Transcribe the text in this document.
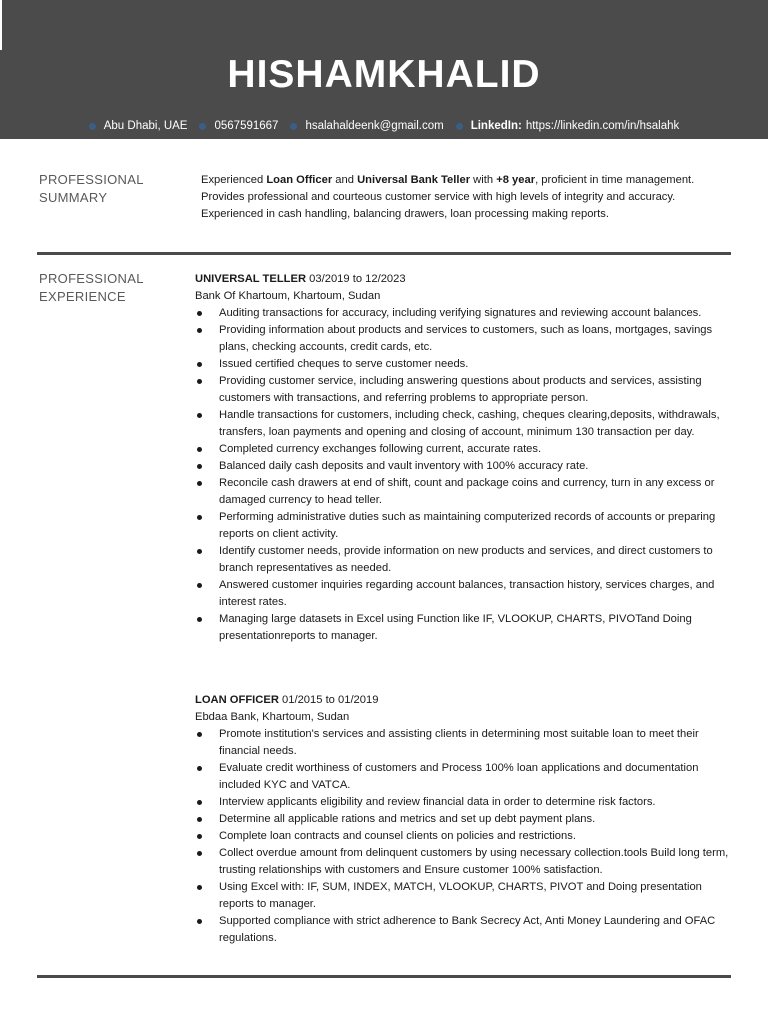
HISHAMKHALID
Abu Dhabi, UAE 0567591667 hsalahaldeenk@gmail.com LinkedIn: https://linkedin.com/in/hsalahk
PROFESSIONAL
SUMMARY

Experienced Loan Officer and Universal Bank Teller with +8 year, proficient in time management.

Provides professional and courteous customer service with high levels of integrity and accuracy.

Experienced in cash handling, balancing drawers, loan processing making reports.

PROFESSIONAL
EXPERIENCE
UNIVERSAL TELLER 03/2019 to 12/2023
Bank Of Khartoum, Khartoum, Sudan
Auditing transactions for accuracy, including verifying signatures and reviewing account balances.
Providing information about products and services to customers, such as loans, mortgages, savings plans, checking accounts, credit cards, etc.
Issued certified cheques to serve customer needs.
Providing customer service, including answering questions about products and services, assisting customers with transactions, and referring problems to appropriate person.
Handle transactions for customers, including check, cashing, cheques clearing,deposits, withdrawals, transfers, loan payments and opening and closing of account, minimum 130 transaction per day.
Completed currency exchanges following current, accurate rates.
Balanced daily cash deposits and vault inventory with 100% accuracy rate.
Reconcile cash drawers at end of shift, count and package coins and currency, turn in any excess or damaged currency to head teller.
Performing administrative duties such as maintaining computerized records of accounts or preparing reports on client activity.
Identify customer needs, provide information on new products and services, and direct customers to branch representatives as needed.
Answered customer inquiries regarding account balances, transaction history, services charges, and interest rates.
Managing large datasets in Excel using Function like IF, VLOOKUP, CHARTS, PIVOTand Doing presentationreports to manager.
LOAN OFFICER 01/2015 to 01/2019
Ebdaa Bank, Khartoum, Sudan
Promote institution's services and assisting clients in determining most suitable loan to meet their financial needs.
Evaluate credit worthiness of customers and Process 100% loan applications and documentation included KYC and VATCA.
Interview applicants eligibility and review financial data in order to determine risk factors.
Determine all applicable rations and metrics and set up debt payment plans.
Complete loan contracts and counsel clients on policies and restrictions.
Collect overdue amount from delinquent customers by using necessary collection.tools Build long term, trusting relationships with customers and Ensure customer 100% satisfaction.
Using Excel with: IF, SUM, INDEX, MATCH, VLOOKUP, CHARTS, PIVOT and Doing presentation reports to manager.
Supported compliance with strict adherence to Bank Secrecy Act, Anti Money Laundering and OFAC regulations.
